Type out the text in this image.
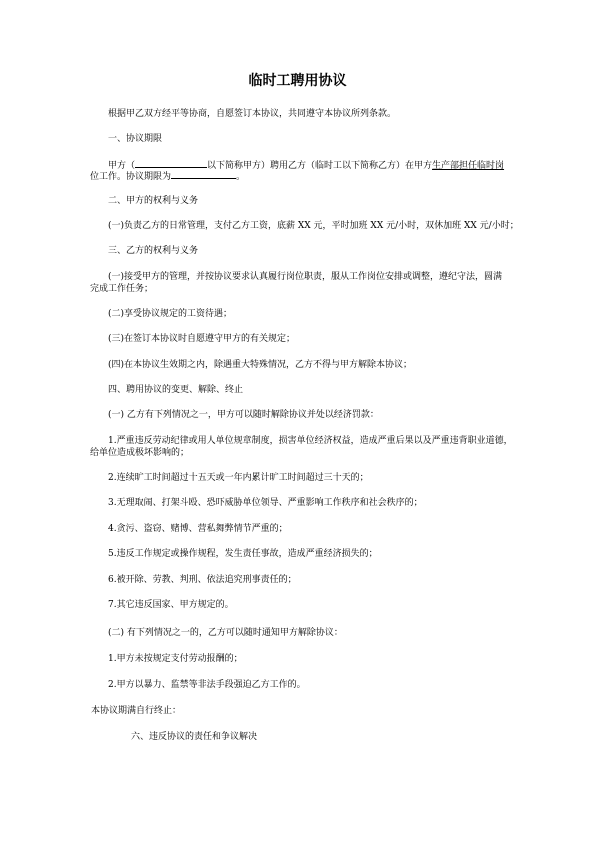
临时工聘用协议
根据甲乙双方经平等协商，自愿签订本协议，共同遵守本协议所列条款。
一、协议期限
甲方（	以下简称甲方）聘用乙方（临时工以下简称乙方）在甲方生产部担任临时岗
位工作。协议期限为	。
二、甲方的权利与义务
(一)负责乙方的日常管理，支付乙方工资，底薪 XX 元，平时加班 XX 元/小时，双休加班 XX 元/小时；
三、乙方的权利与义务
(一)接受甲方的管理，并按协议要求认真履行岗位职责，服从工作岗位安排或调整，遵纪守法，圆满
完成工作任务；
(二)享受协议规定的工资待遇；
(三)在签订本协议时自愿遵守甲方的有关规定；
(四)在本协议生效期之内，除遇重大特殊情况，乙方不得与甲方解除本协议；
四、聘用协议的变更、解除、终止
(一) 乙方有下列情况之一，甲方可以随时解除协议并处以经济罚款：
1.严重违反劳动纪律或用人单位规章制度，损害单位经济权益，造成严重后果以及严重违背职业道德，
给单位造成极坏影响的；
2.连续旷工时间超过十五天或一年内累计旷工时间超过三十天的；
3.无理取闹、打架斗殴、恐吓威胁单位领导、严重影响工作秩序和社会秩序的；
4.贪污、盗窃、赌博、营私舞弊情节严重的；
5.违反工作规定或操作规程，发生责任事故，造成严重经济损失的；
6.被开除、劳教、判刑、依法追究刑事责任的；
7.其它违反国家、甲方规定的。
(二) 有下列情况之一的，乙方可以随时通知甲方解除协议：
1.甲方未按规定支付劳动报酬的；
2.甲方以暴力、监禁等非法手段强迫乙方工作的。
本协议期满自行终止：
六、违反协议的责任和争议解决
